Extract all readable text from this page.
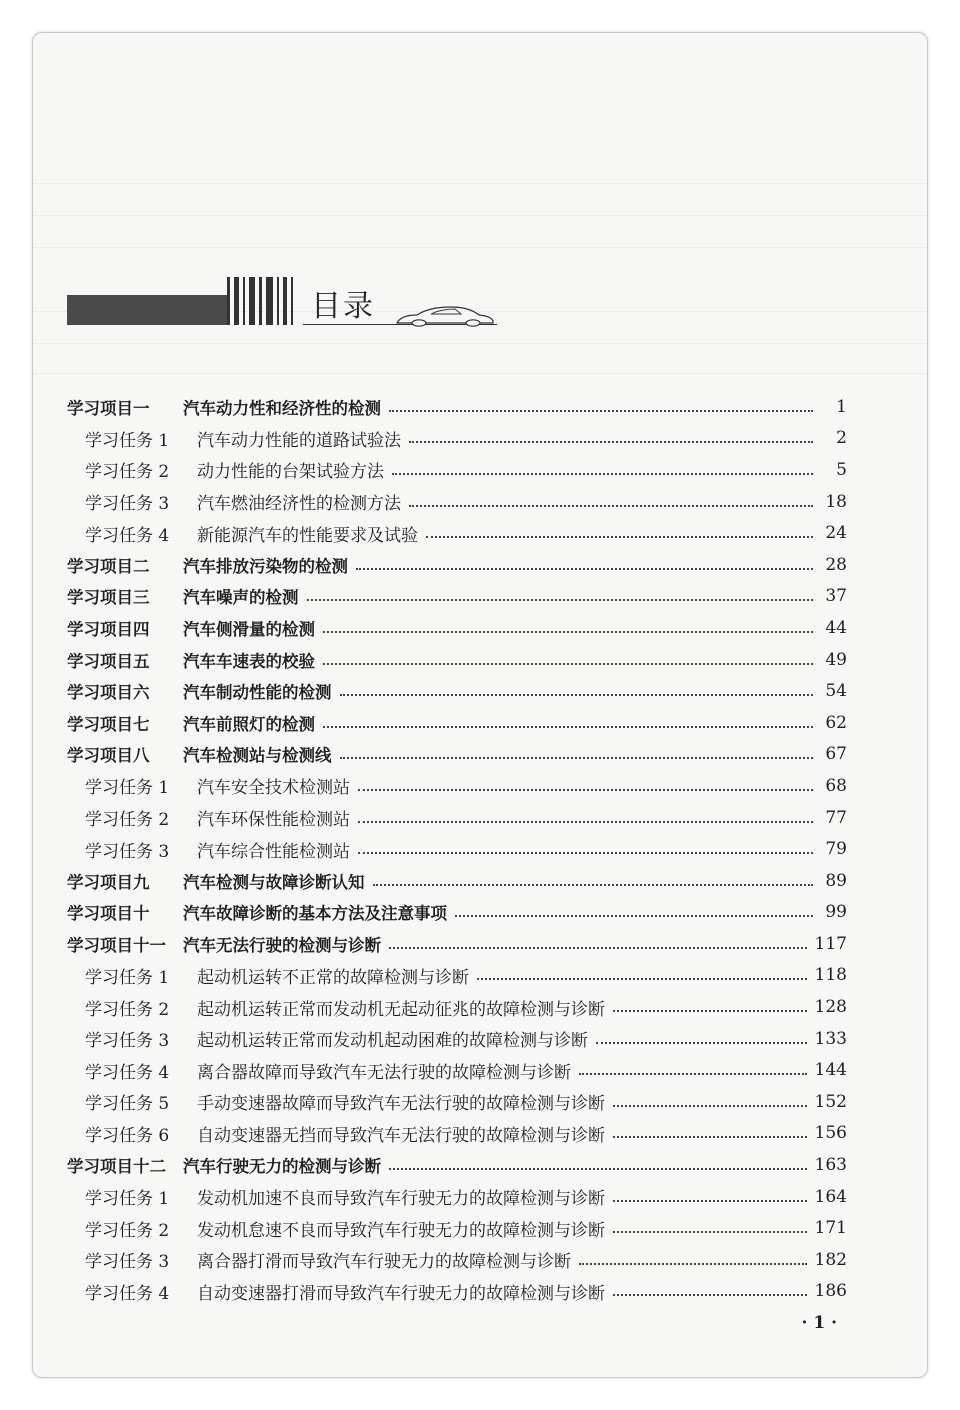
目录
学习项目一	汽车动力性和经济性的检测	1
学习任务 1	汽车动力性能的道路试验法	2
学习任务 2	动力性能的台架试验方法	5
学习任务 3	汽车燃油经济性的检测方法	18
学习任务 4	新能源汽车的性能要求及试验	24
学习项目二	汽车排放污染物的检测	28
学习项目三	汽车噪声的检测	37
学习项目四	汽车侧滑量的检测	44
学习项目五	汽车车速表的校验	49
学习项目六	汽车制动性能的检测	54
学习项目七	汽车前照灯的检测	62
学习项目八	汽车检测站与检测线	67
学习任务 1	汽车安全技术检测站	68
学习任务 2	汽车环保性能检测站	77
学习任务 3	汽车综合性能检测站	79
学习项目九	汽车检测与故障诊断认知	89
学习项目十	汽车故障诊断的基本方法及注意事项	99
学习项目十一	汽车无法行驶的检测与诊断	117
学习任务 1	起动机运转不正常的故障检测与诊断	118
学习任务 2	起动机运转正常而发动机无起动征兆的故障检测与诊断	128
学习任务 3	起动机运转正常而发动机起动困难的故障检测与诊断	133
学习任务 4	离合器故障而导致汽车无法行驶的故障检测与诊断	144
学习任务 5	手动变速器故障而导致汽车无法行驶的故障检测与诊断	152
学习任务 6	自动变速器无挡而导致汽车无法行驶的故障检测与诊断	156
学习项目十二	汽车行驶无力的检测与诊断	163
学习任务 1	发动机加速不良而导致汽车行驶无力的故障检测与诊断	164
学习任务 2	发动机怠速不良而导致汽车行驶无力的故障检测与诊断	171
学习任务 3	离合器打滑而导致汽车行驶无力的故障检测与诊断	182
学习任务 4	自动变速器打滑而导致汽车行驶无力的故障检测与诊断	186
· 1 ·
